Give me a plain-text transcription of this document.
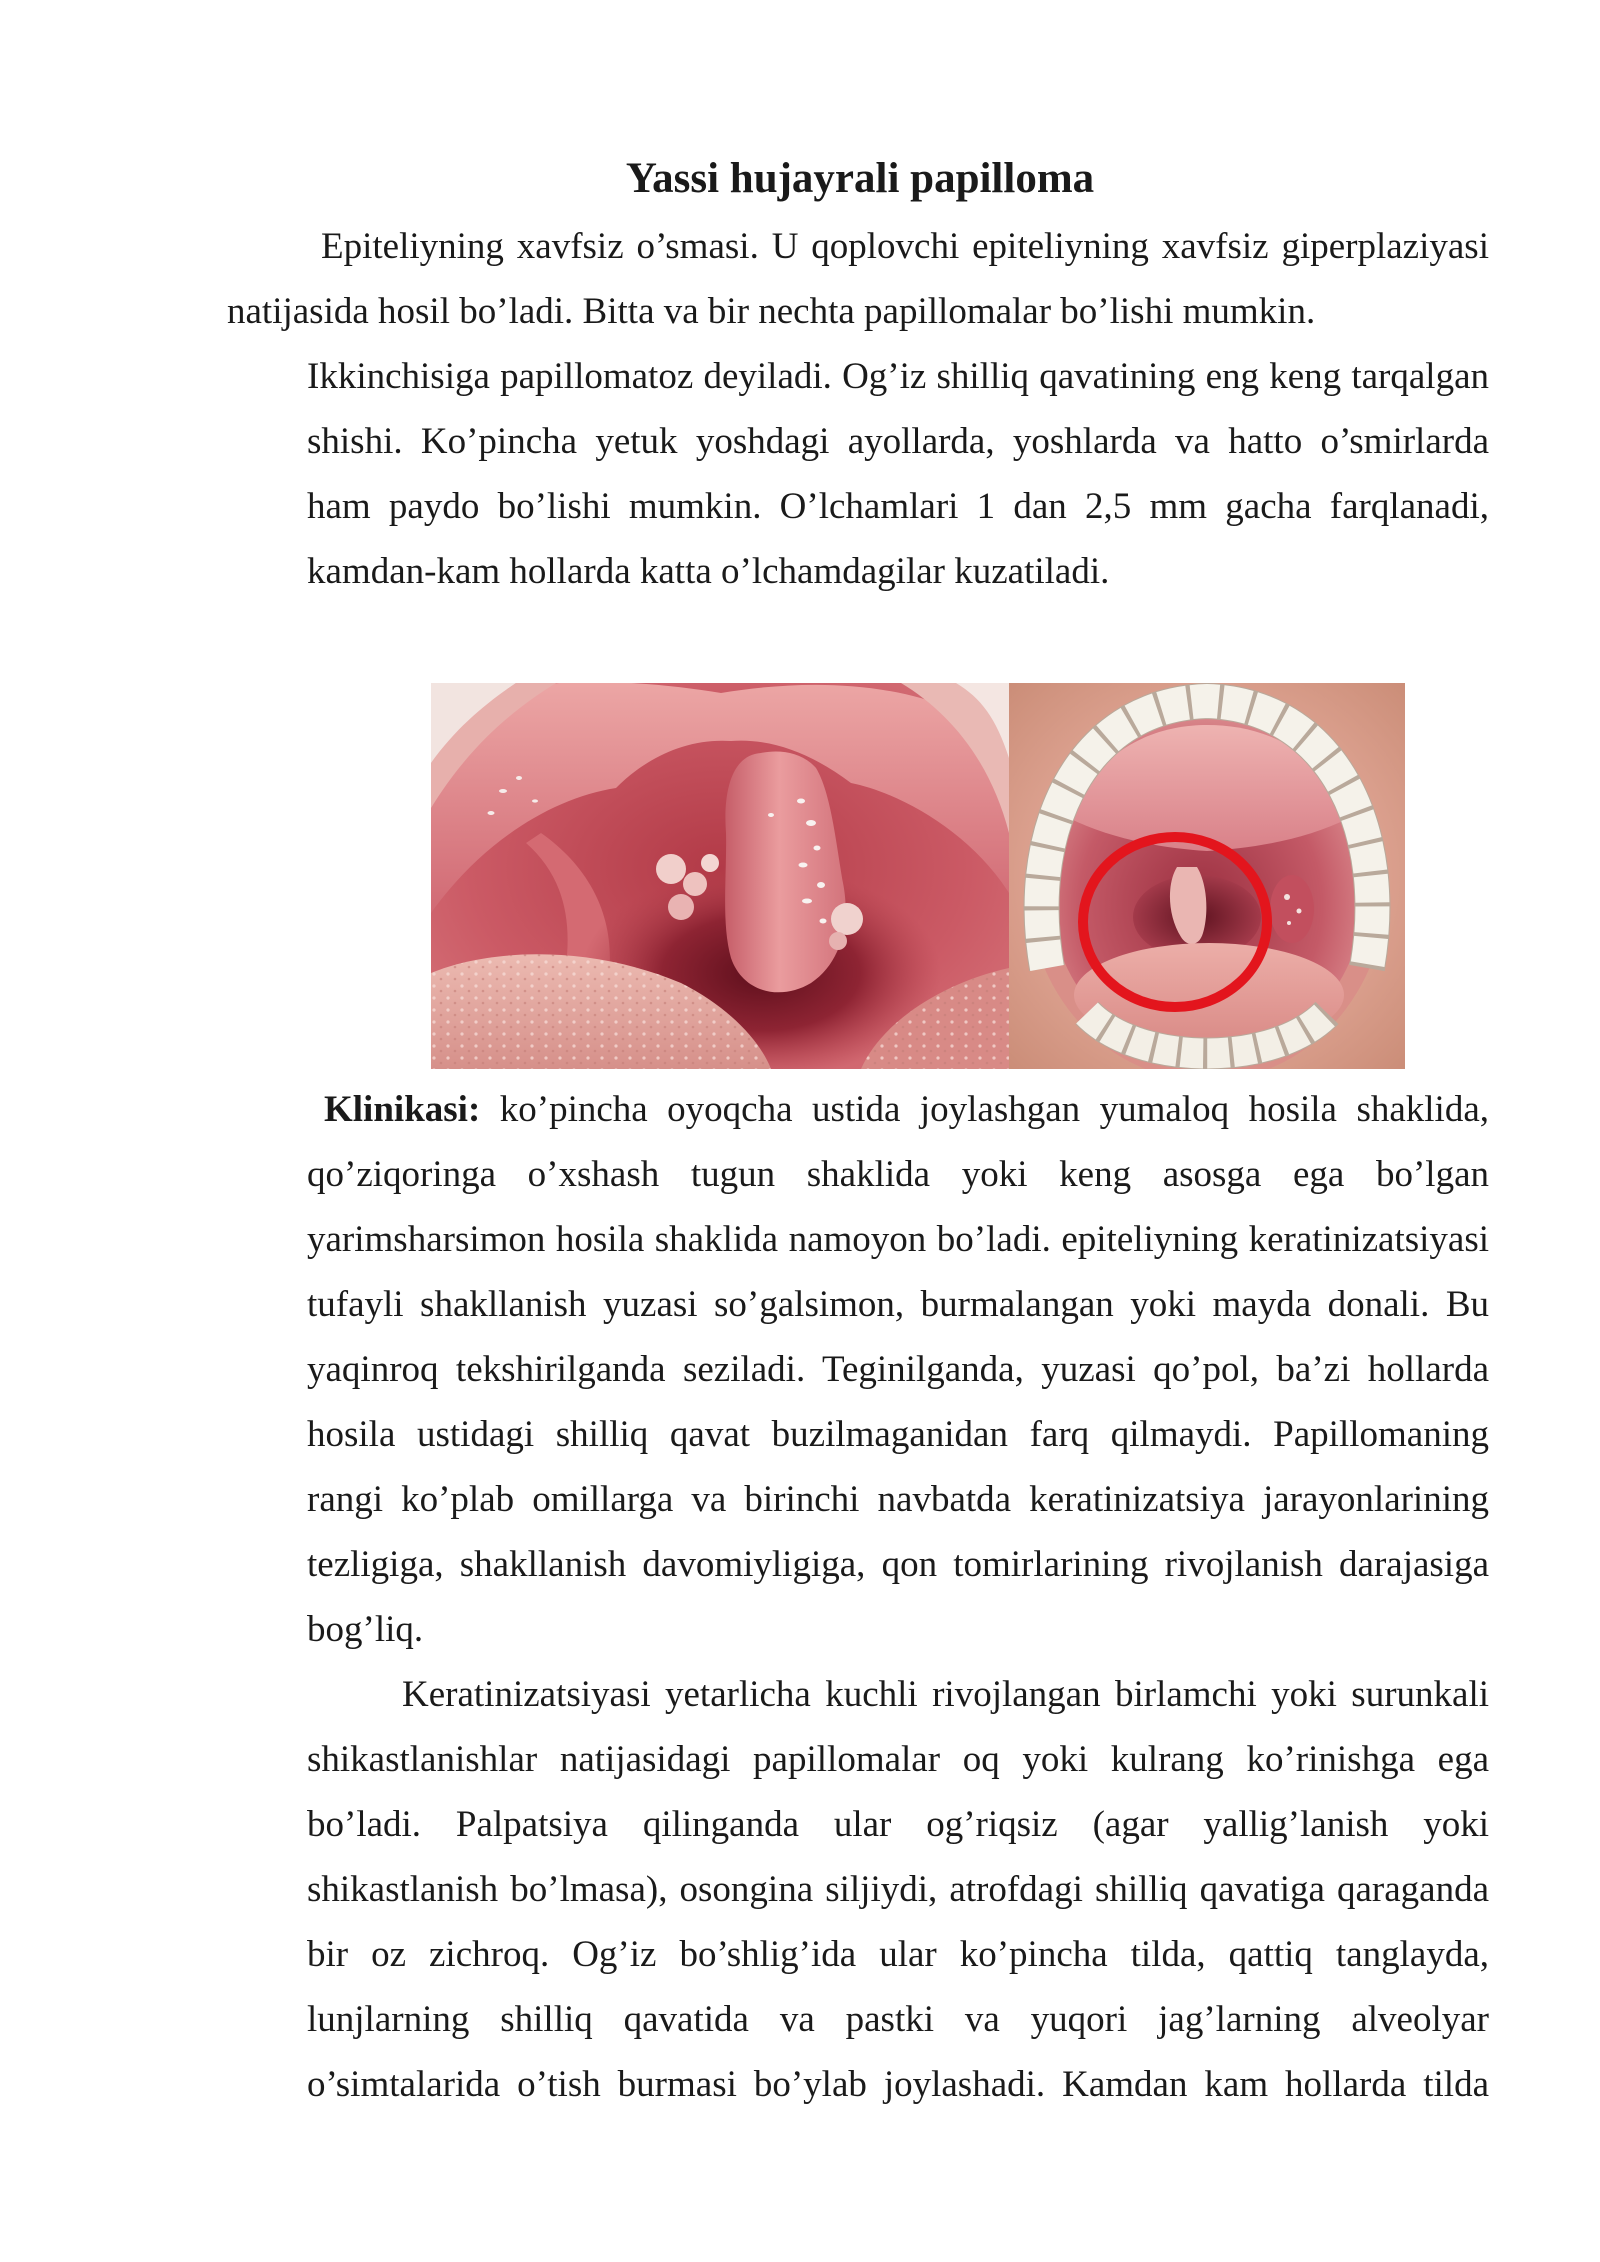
Yassi hujayrali papilloma
Epiteliyning xavfsiz o’smasi. U qoplovchi epiteliyning xavfsiz giperplaziyasi
natijasida hosil bo’ladi. Bitta va bir nechta papillomalar bo’lishi mumkin.
Ikkinchisiga papillomatoz deyiladi. Og’iz shilliq qavatining eng keng tarqalgan
shishi. Ko’pincha yetuk yoshdagi ayollarda, yoshlarda va hatto o’smirlarda
ham paydo bo’lishi mumkin. O’lchamlari 1 dan 2,5 mm gacha farqlanadi,
kamdan-kam hollarda katta o’lchamdagilar kuzatiladi.
Klinikasi: ko’pincha oyoqcha ustida joylashgan yumaloq hosila shaklida,
qo’ziqoringa o’xshash tugun shaklida yoki keng asosga ega bo’lgan
yarimsharsimon hosila shaklida namoyon bo’ladi. epiteliyning keratinizatsiyasi
tufayli shakllanish yuzasi so’galsimon, burmalangan yoki mayda donali. Bu
yaqinroq tekshirilganda seziladi. Teginilganda, yuzasi qo’pol, ba’zi hollarda
hosila ustidagi shilliq qavat buzilmaganidan farq qilmaydi. Papillomaning
rangi ko’plab omillarga va birinchi navbatda keratinizatsiya jarayonlarining
tezligiga, shakllanish davomiyligiga, qon tomirlarining rivojlanish darajasiga
bog’liq.
Keratinizatsiyasi yetarlicha kuchli rivojlangan birlamchi yoki surunkali
shikastlanishlar natijasidagi papillomalar oq yoki kulrang ko’rinishga ega
bo’ladi. Palpatsiya qilinganda ular og’riqsiz (agar yallig’lanish yoki
shikastlanish bo’lmasa), osongina siljiydi, atrofdagi shilliq qavatiga qaraganda
bir oz zichroq. Og’iz bo’shlig’ida ular ko’pincha tilda, qattiq tanglayda,
lunjlarning shilliq qavatida va pastki va yuqori jag’larning alveolyar
o’simtalarida o’tish burmasi bo’ylab joylashadi. Kamdan kam hollarda tilda
